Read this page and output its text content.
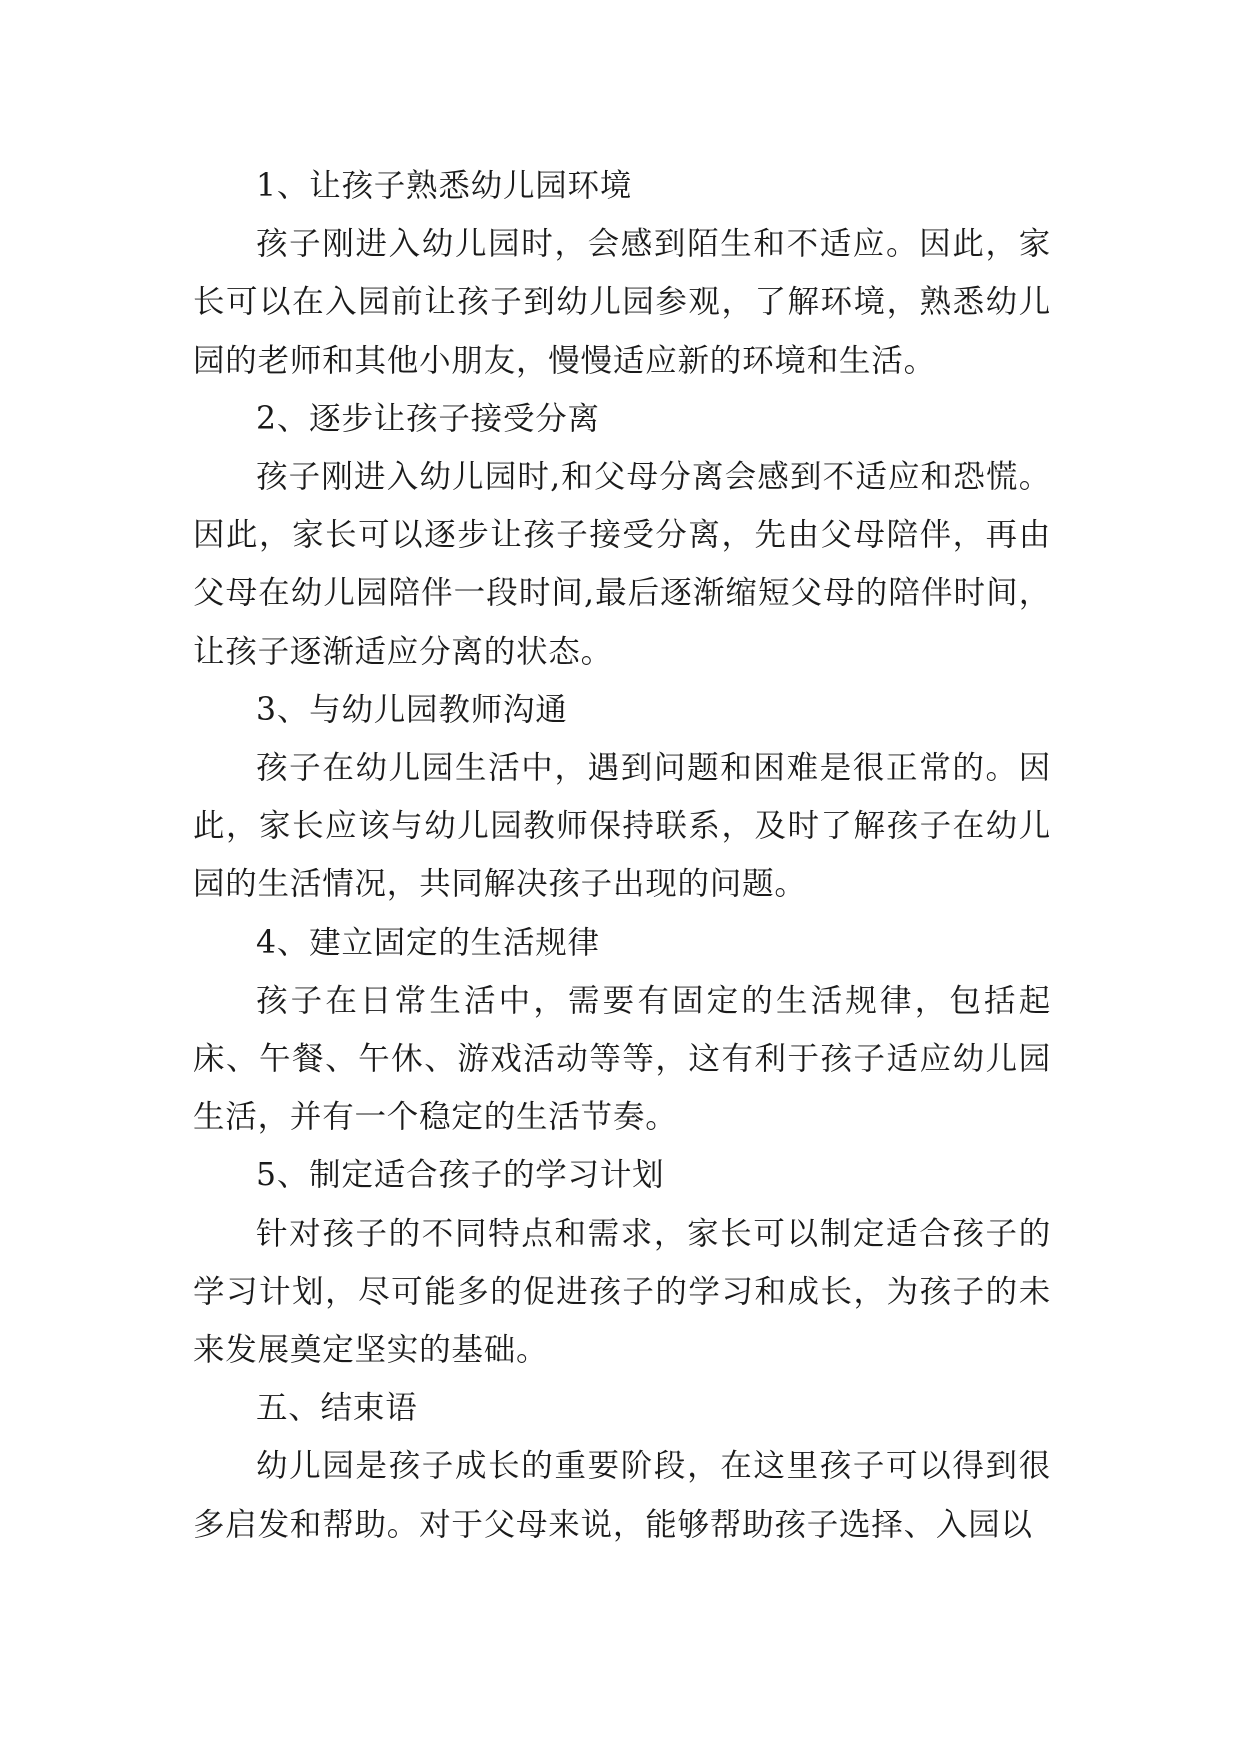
1、让孩子熟悉幼儿园环境

孩子刚进入幼儿园时，会感到陌生和不适应。因此，家长可以在入园前让孩子到幼儿园参观，了解环境，熟悉幼儿园的老师和其他小朋友，慢慢适应新的环境和生活。

2、逐步让孩子接受分离

孩子刚进入幼儿园时,和父母分离会感到不适应和恐慌。因此，家长可以逐步让孩子接受分离，先由父母陪伴，再由父母在幼儿园陪伴一段时间,最后逐渐缩短父母的陪伴时间，让孩子逐渐适应分离的状态。

3、与幼儿园教师沟通

孩子在幼儿园生活中，遇到问题和困难是很正常的。因此，家长应该与幼儿园教师保持联系，及时了解孩子在幼儿园的生活情况，共同解决孩子出现的问题。

4、建立固定的生活规律

孩子在日常生活中，需要有固定的生活规律，包括起床、午餐、午休、游戏活动等等，这有利于孩子适应幼儿园生活，并有一个稳定的生活节奏。

5、制定适合孩子的学习计划

针对孩子的不同特点和需求，家长可以制定适合孩子的学习计划，尽可能多的促进孩子的学习和成长，为孩子的未来发展奠定坚实的基础。

五、结束语

幼儿园是孩子成长的重要阶段，在这里孩子可以得到很多启发和帮助。对于父母来说，能够帮助孩子选择、入园以
